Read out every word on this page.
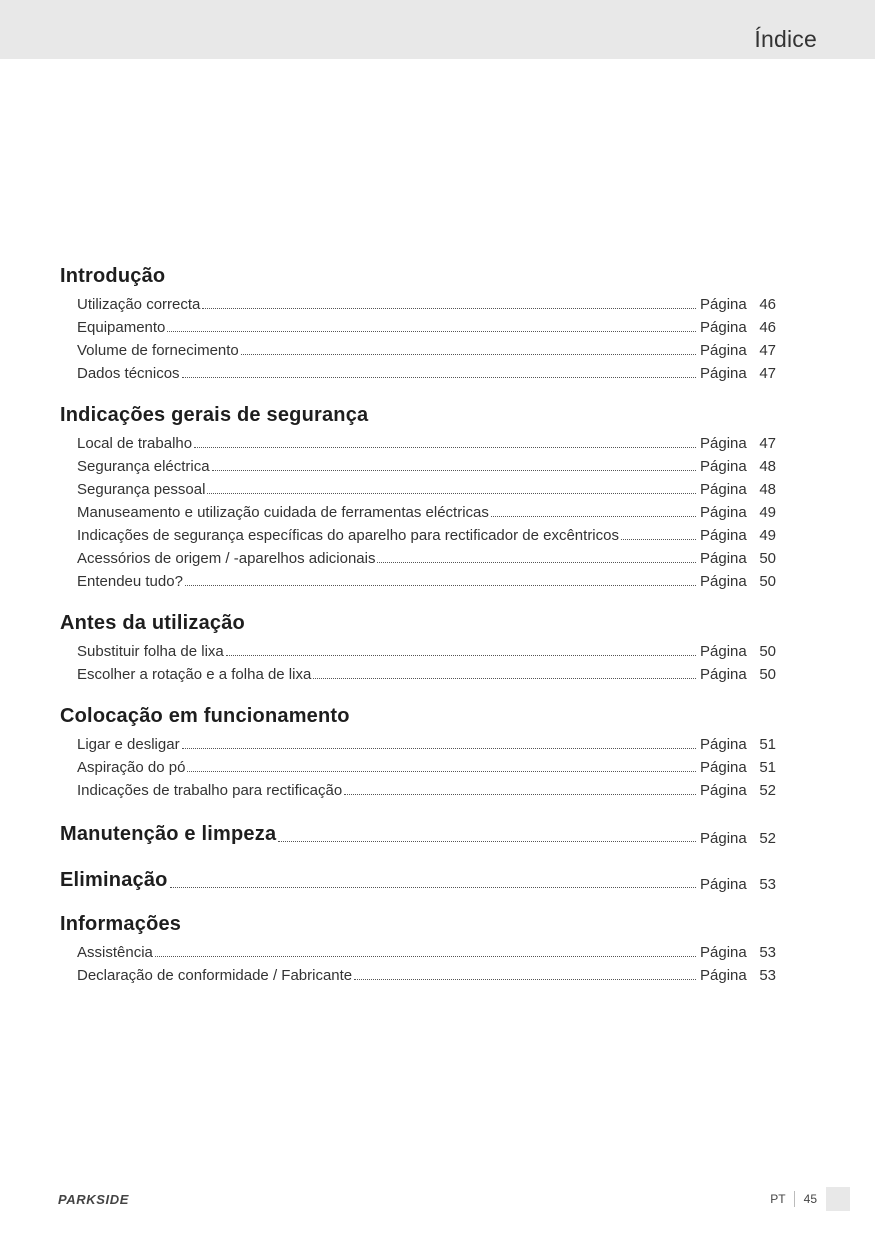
Índice
Introdução
Utilização correcta	Página 46
Equipamento	Página 46
Volume de fornecimento	Página 47
Dados técnicos	Página 47
Indicações gerais de segurança
Local de trabalho	Página 47
Segurança eléctrica	Página 48
Segurança pessoal	Página 48
Manuseamento e utilização cuidada de ferramentas eléctricas	Página 49
Indicações de segurança específicas do aparelho para rectificador de excêntricos	Página 49
Acessórios de origem / -aparelhos adicionais	Página 50
Entendeu tudo?	Página 50
Antes da utilização
Substituir folha de lixa	Página 50
Escolher a rotação e a folha de lixa	Página 50
Colocação em funcionamento
Ligar e desligar	Página 51
Aspiração do pó	Página 51
Indicações de trabalho para rectificação	Página 52
Manutenção e limpeza	Página 52
Eliminação	Página 53
Informações
Assistência	Página 53
Declaração de conformidade / Fabricante	Página 53
PARKSIDE	PT	45
